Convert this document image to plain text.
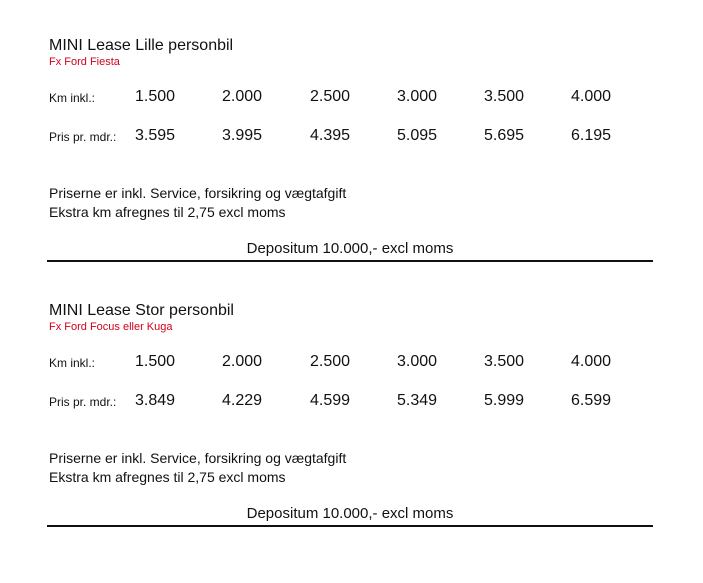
MINI Lease Lille personbil
Fx Ford Fiesta
Km inkl.: 1.500	2.000	2.500	3.000	3.500	4.000
Pris pr. mdr.: 3.595	3.995	4.395	5.095	5.695	6.195
Priserne er inkl. Service, forsikring og vægtafgift
Ekstra km afregnes til 2,75 excl moms
Depositum 10.000,- excl moms
MINI Lease Stor personbil
Fx Ford Focus eller Kuga
Km inkl.: 1.500	2.000	2.500	3.000	3.500	4.000
Pris pr. mdr.: 3.849	4.229	4.599	5.349	5.999	6.599
Priserne er inkl. Service, forsikring og vægtafgift
Ekstra km afregnes til 2,75 excl moms
Depositum 10.000,- excl moms
